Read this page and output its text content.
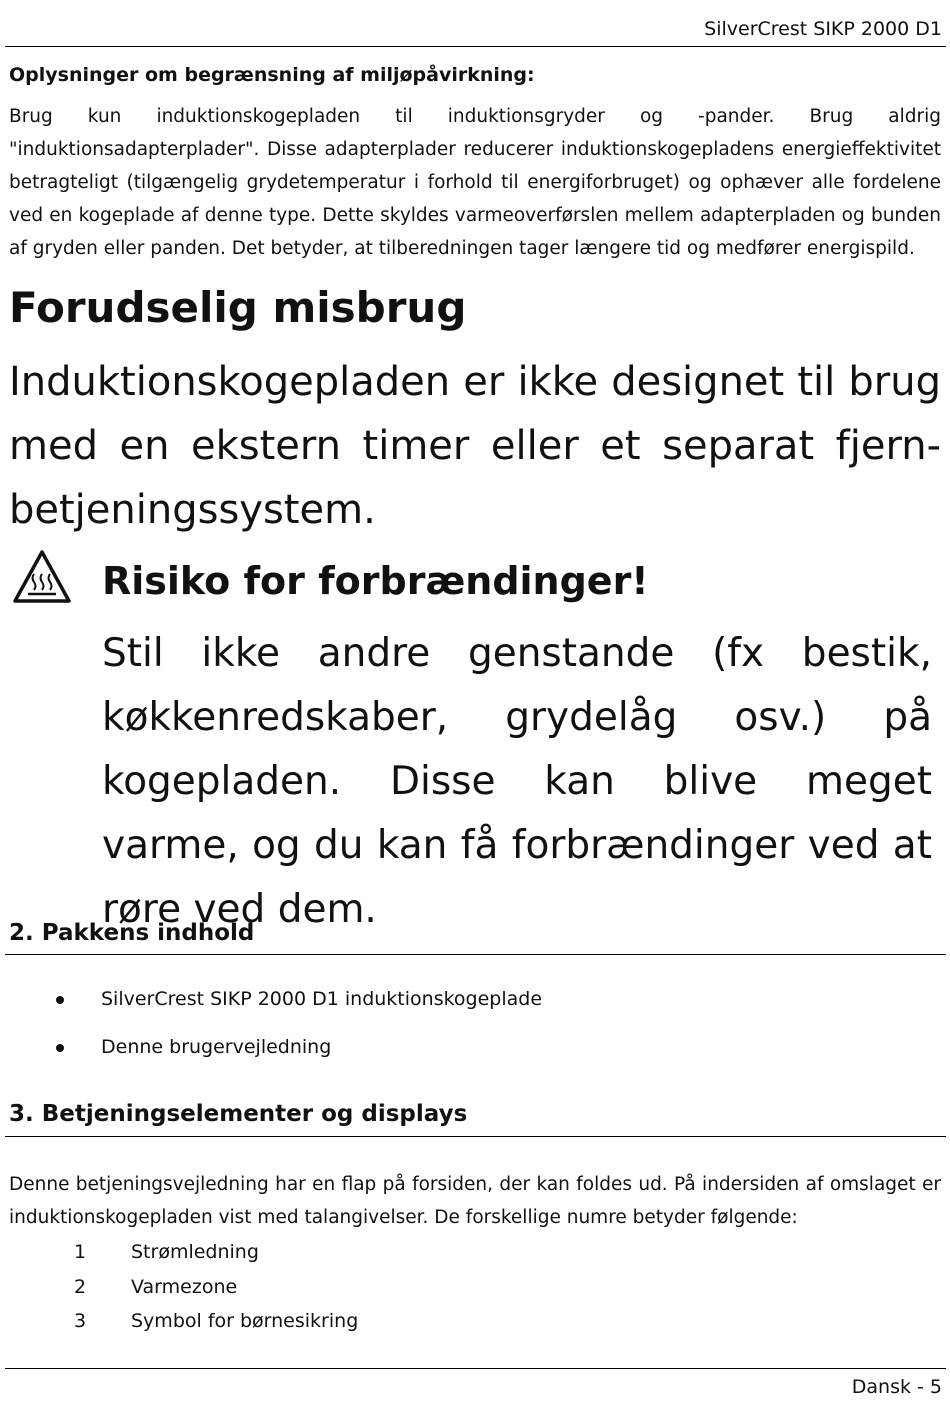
SilverCrest SIKP 2000 D1
Oplysninger om begrænsning af miljøpåvirkning:
Brug kun induktionskogepladen til induktionsgryder og -pander. Brug aldrig "induktionsadapterplader". Disse adapterplader reducerer induktionskogepladens energieffektivitet betragteligt (tilgængelig grydetemperatur i forhold til energiforbruget) og ophæver alle fordelene ved en kogeplade af denne type. Dette skyldes varmeoverførslen mellem adapterpladen og bunden af gryden eller panden. Det betyder, at tilberedningen tager længere tid og medfører energispild.
Forudselig misbrug
Induktionskogepladen er ikke designet til brug med en ekstern timer eller et separat fjernbetjeningssystem.
Risiko for forbrændinger!
Stil ikke andre genstande (fx bestik, køkkenredskaber, grydelåg osv.) på kogepladen. Disse kan blive meget varme, og du kan få forbrændinger ved at røre ved dem.
2. Pakkens indhold
SilverCrest SIKP 2000 D1 induktionskogeplade
Denne brugervejledning
3. Betjeningselementer og displays
Denne betjeningsvejledning har en flap på forsiden, der kan foldes ud. På indersiden af omslaget er induktionskogepladen vist med talangivelser. De forskellige numre betyder følgende:
1 Strømledning
2 Varmezone
3 Symbol for børnesikring
Dansk - 5
